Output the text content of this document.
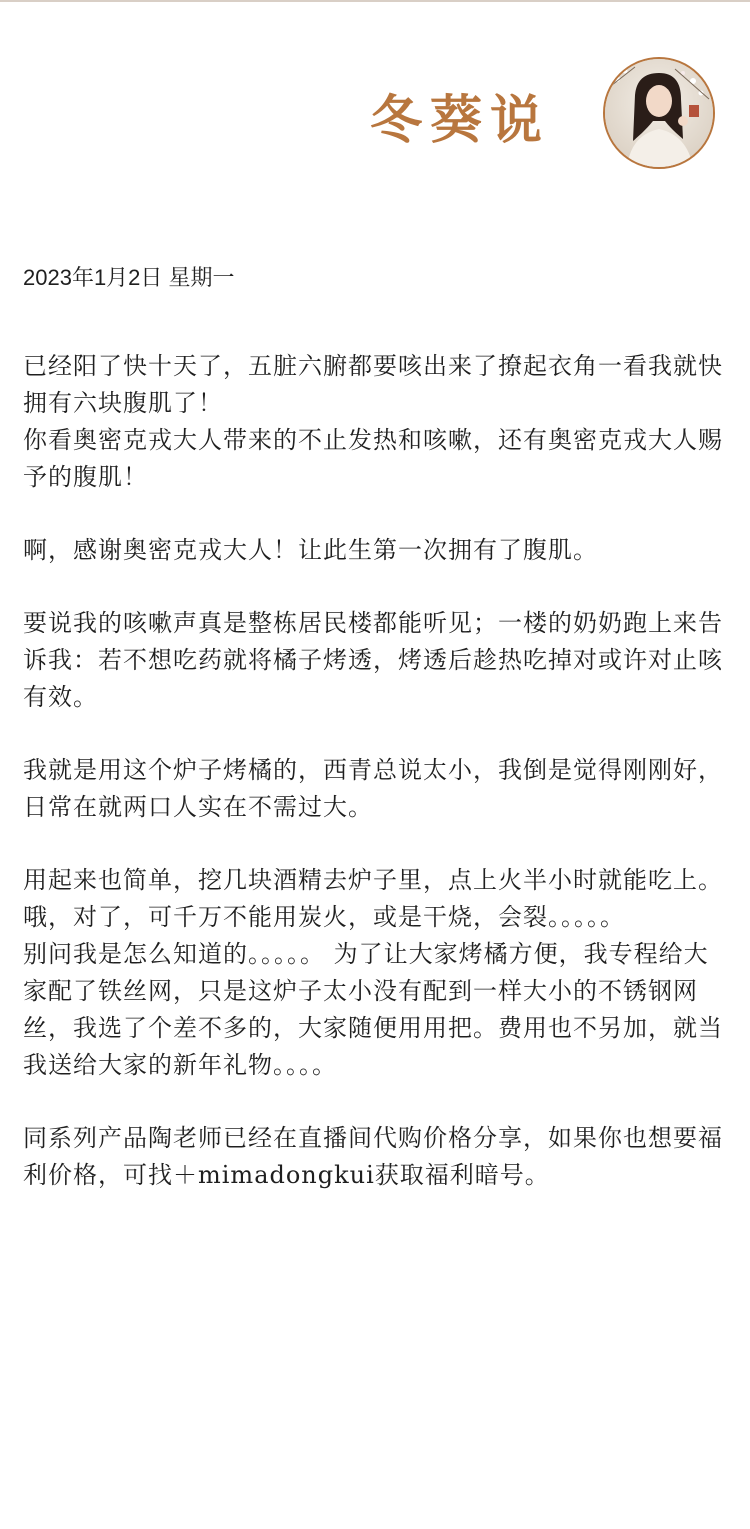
冬葵说
2023年1月2日 星期一
已经阳了快十天了，五脏六腑都要咳出来了撩起衣角一看我就快拥有六块腹肌了！
你看奥密克戎大人带来的不止发热和咳嗽，还有奥密克戎大人赐予的腹肌！
啊，感谢奥密克戎大人！让此生第一次拥有了腹肌。
要说我的咳嗽声真是整栋居民楼都能听见；一楼的奶奶跑上来告诉我：若不想吃药就将橘子烤透，烤透后趁热吃掉对或许对止咳有效。
我就是用这个炉子烤橘的，西青总说太小，我倒是觉得刚刚好，日常在就两口人实在不需过大。
用起来也简单，挖几块酒精去炉子里，点上火半小时就能吃上。
哦，对了，可千万不能用炭火，或是干烧，会裂。。。。。
别问我是怎么知道的。。。。。 为了让大家烤橘方便，我专程给大家配了铁丝网，只是这炉子太小没有配到一样大小的不锈钢网丝，我选了个差不多的，大家随便用用把。费用也不另加，就当我送给大家的新年礼物。。。。
同系列产品陶老师已经在直播间代购价格分享，如果你也想要福利价格，可找＋mimadongkui获取福利暗号。
